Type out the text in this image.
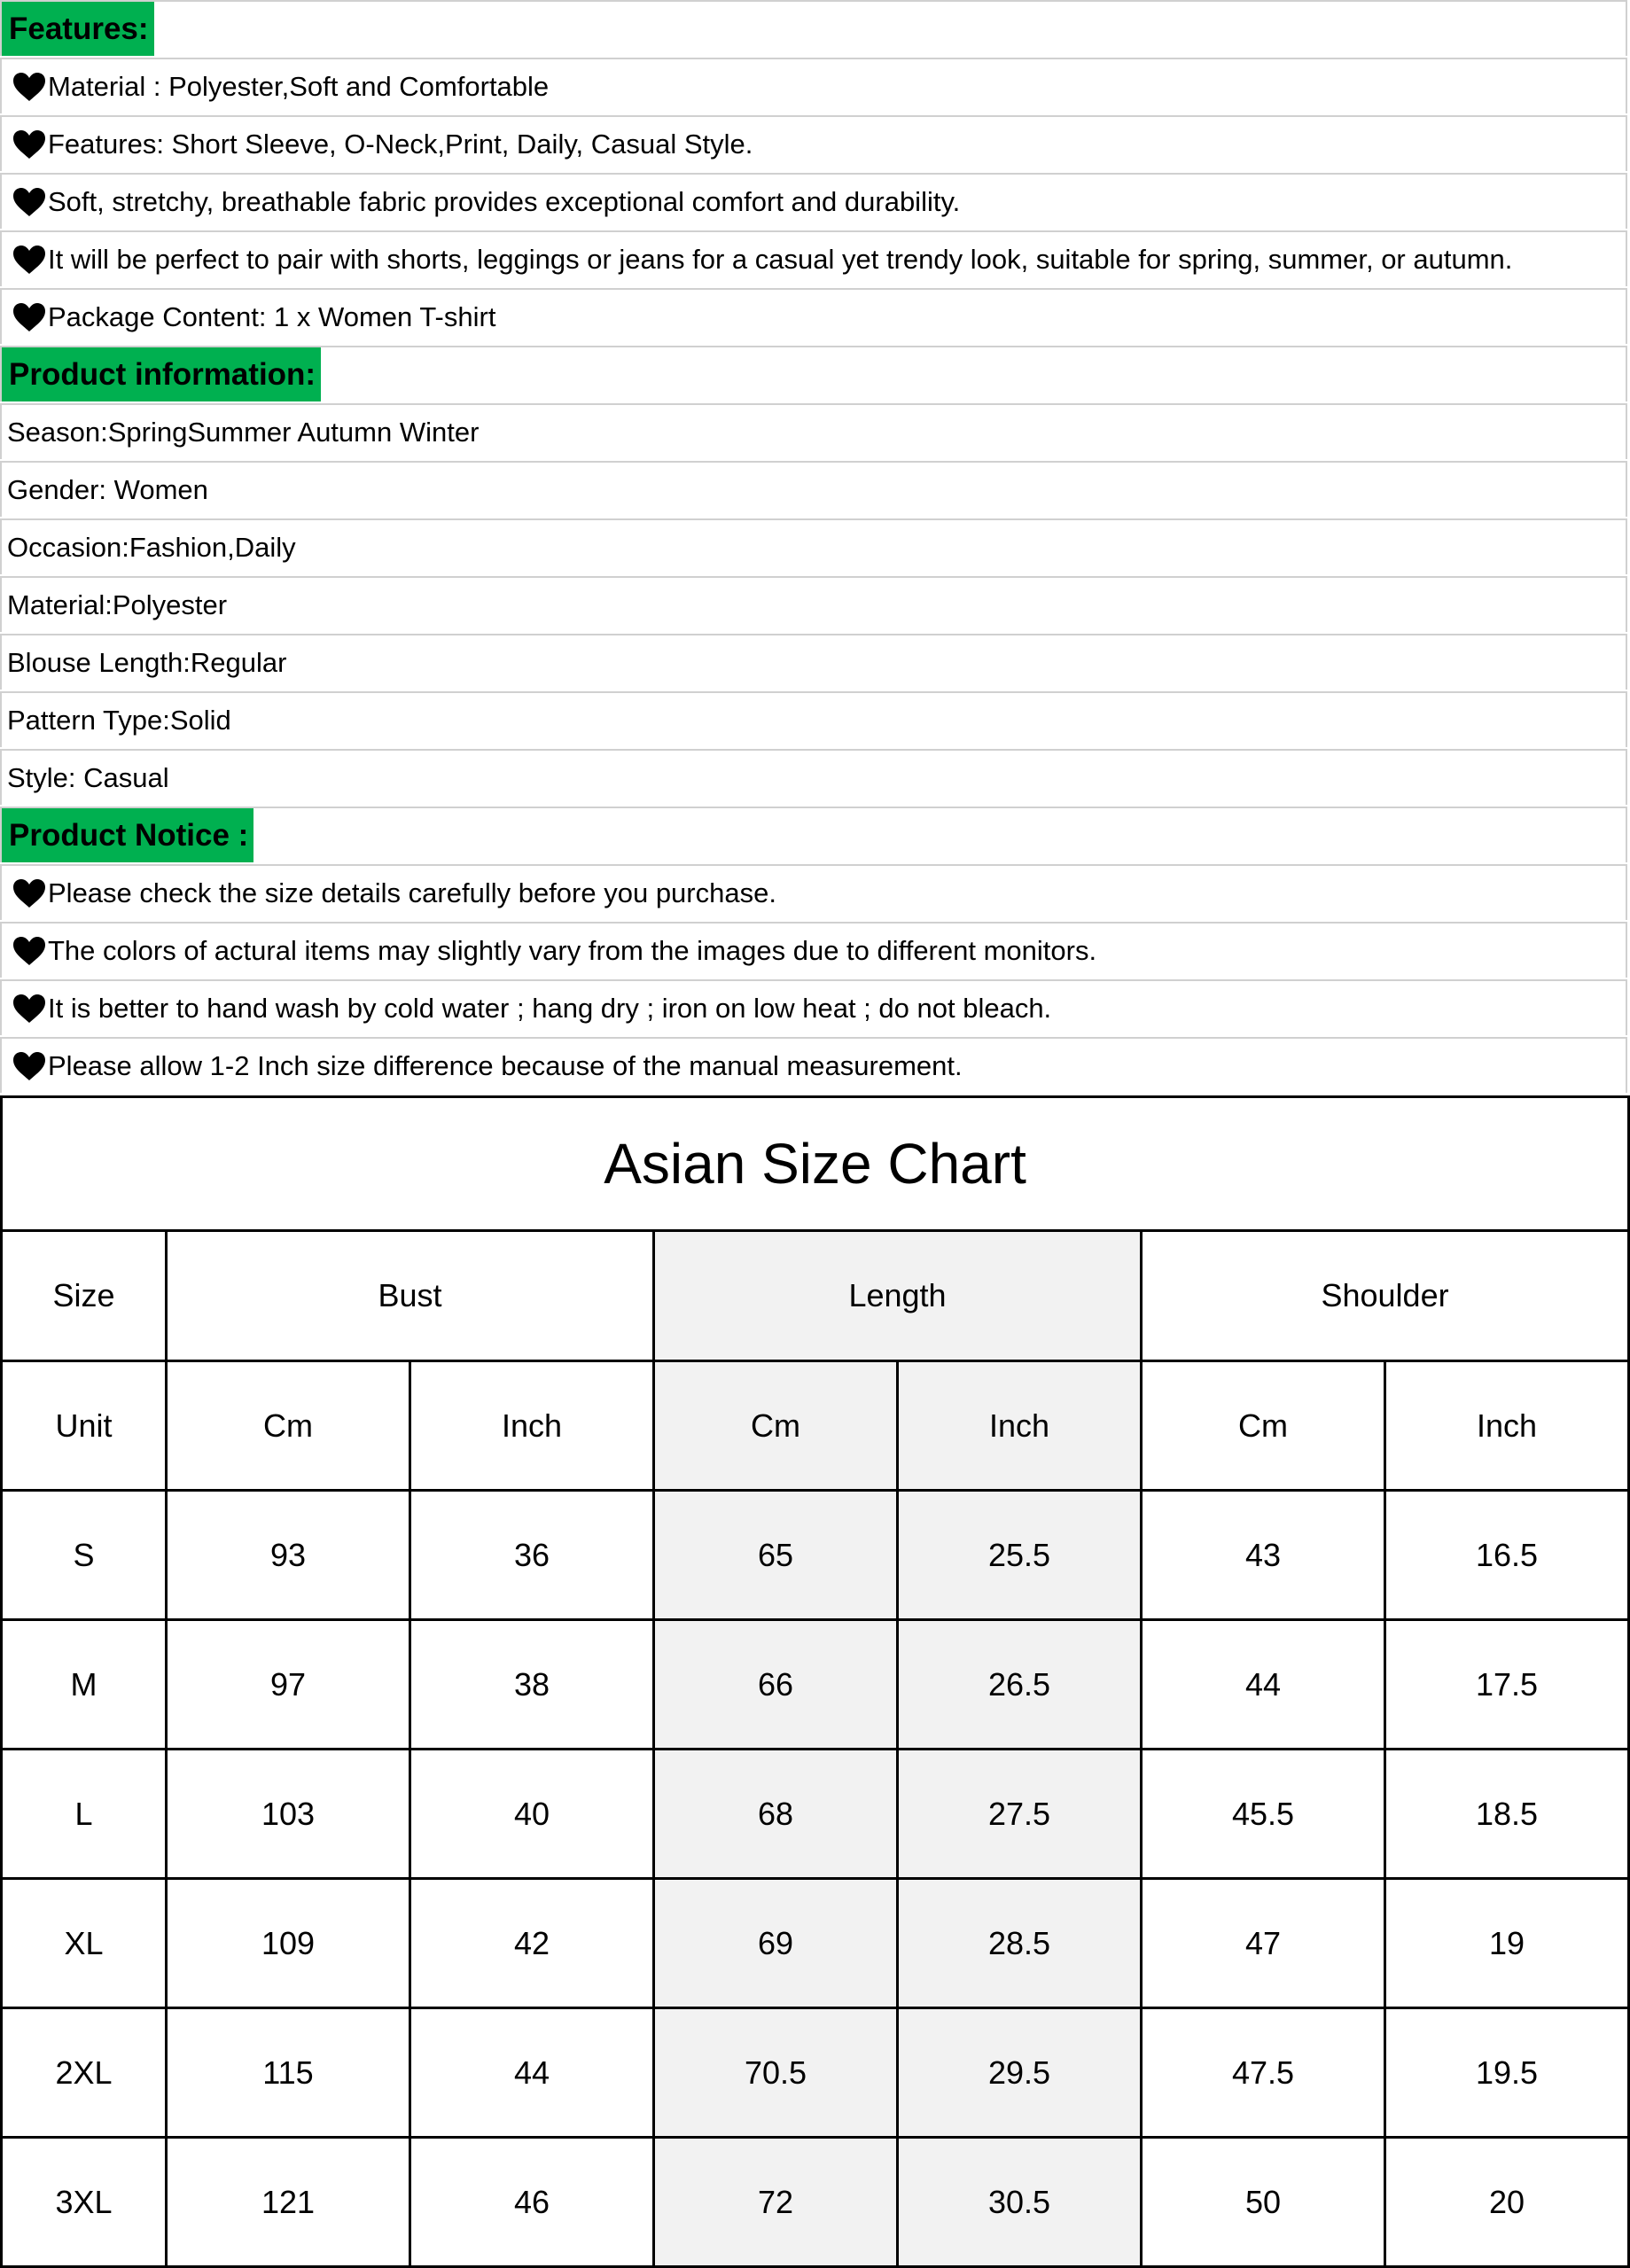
Features:
Material : Polyester,Soft and Comfortable
Features: Short Sleeve, O-Neck,Print, Daily, Casual Style.
Soft, stretchy, breathable fabric provides exceptional comfort and durability.
It will be perfect to pair with shorts, leggings or jeans for a casual yet trendy look, suitable for spring, summer, or autumn.
Package Content: 1 x Women T-shirt
Product information:
Season:SpringSummer Autumn Winter
Gender: Women
Occasion:Fashion,Daily
Material:Polyester
Blouse Length:Regular
Pattern Type:Solid
Style: Casual
Product Notice :
Please check the size details carefully before you purchase.
The colors of actural items may slightly vary from the images due to different monitors.
It is better to hand wash by cold water ; hang dry ; iron on low heat ; do not bleach.
Please allow 1-2 Inch size difference because of the manual measurement.
Asian Size Chart						
Size	Bust		Length		Shoulder	
Unit	Cm	Inch	Cm	Inch	Cm	Inch
S	93	36	65	25.5	43	16.5
M	97	38	66	26.5	44	17.5
L	103	40	68	27.5	45.5	18.5
XL	109	42	69	28.5	47	19
2XL	115	44	70.5	29.5	47.5	19.5
3XL	121	46	72	30.5	50	20
